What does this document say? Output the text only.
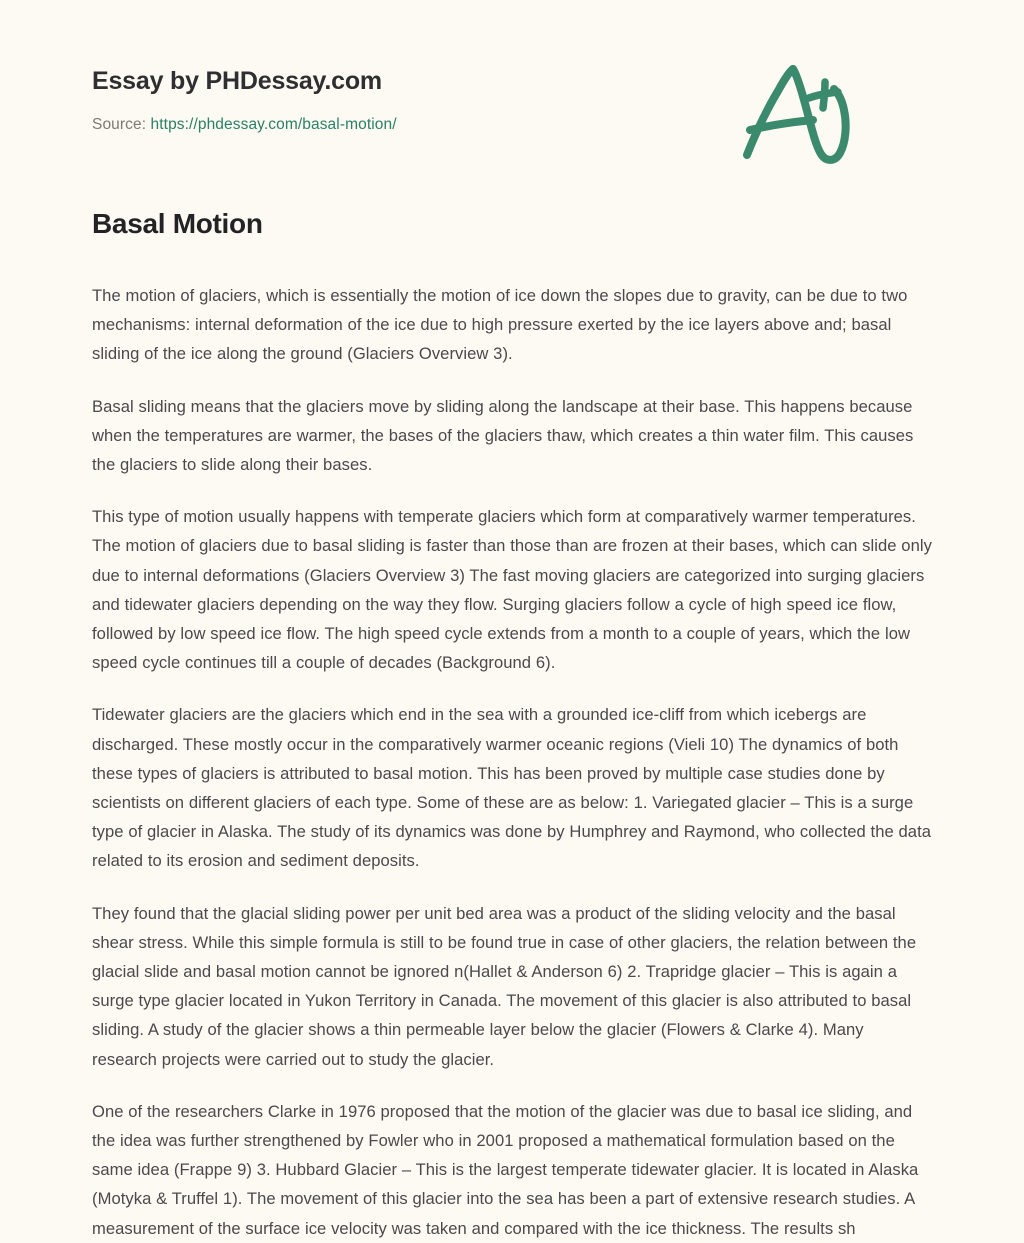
Essay by PHDessay.com
Source: https://phdessay.com/basal-motion/
Basal Motion

The motion of glaciers, which is essentially the motion of ice down the slopes due to gravity, can be due to two mechanisms: internal deformation of the ice due to high pressure exerted by the ice layers above and; basal sliding of the ice along the ground (Glaciers Overview 3).

Basal sliding means that the glaciers move by sliding along the landscape at their base. This happens because when the temperatures are warmer, the bases of the glaciers thaw, which creates a thin water film. This causes the glaciers to slide along their bases.

This type of motion usually happens with temperate glaciers which form at comparatively warmer temperatures. The motion of glaciers due to basal sliding is faster than those than are frozen at their bases, which can slide only due to internal deformations (Glaciers Overview 3) The fast moving glaciers are categorized into surging glaciers and tidewater glaciers depending on the way they flow. Surging glaciers follow a cycle of high speed ice flow, followed by low speed ice flow. The high speed cycle extends from a month to a couple of years, which the low speed cycle continues till a couple of decades (Background 6).

Tidewater glaciers are the glaciers which end in the sea with a grounded ice-cliff from which icebergs are discharged. These mostly occur in the comparatively warmer oceanic regions (Vieli 10) The dynamics of both these types of glaciers is attributed to basal motion. This has been proved by multiple case studies done by scientists on different glaciers of each type. Some of these are as below: 1. Variegated glacier – This is a surge type of glacier in Alaska. The study of its dynamics was done by Humphrey and Raymond, who collected the data related to its erosion and sediment deposits.

They found that the glacial sliding power per unit bed area was a product of the sliding velocity and the basal shear stress. While this simple formula is still to be found true in case of other glaciers, the relation between the glacial slide and basal motion cannot be ignored n(Hallet & Anderson 6) 2. Trapridge glacier – This is again a surge type glacier located in Yukon Territory in Canada. The movement of this glacier is also attributed to basal sliding. A study of the glacier shows a thin permeable layer below the glacier (Flowers & Clarke 4). Many research projects were carried out to study the glacier.

One of the researchers Clarke in 1976 proposed that the motion of the glacier was due to basal ice sliding, and the idea was further strengthened by Fowler who in 2001 proposed a mathematical formulation based on the same idea (Frappe 9) 3. Hubbard Glacier – This is the largest temperate tidewater glacier. It is located in Alaska (Motyka & Truffel 1). The movement of this glacier into the sea has been a part of extensive research studies. A measurement of the surface ice velocity was taken and compared with the ice thickness. The results sh
